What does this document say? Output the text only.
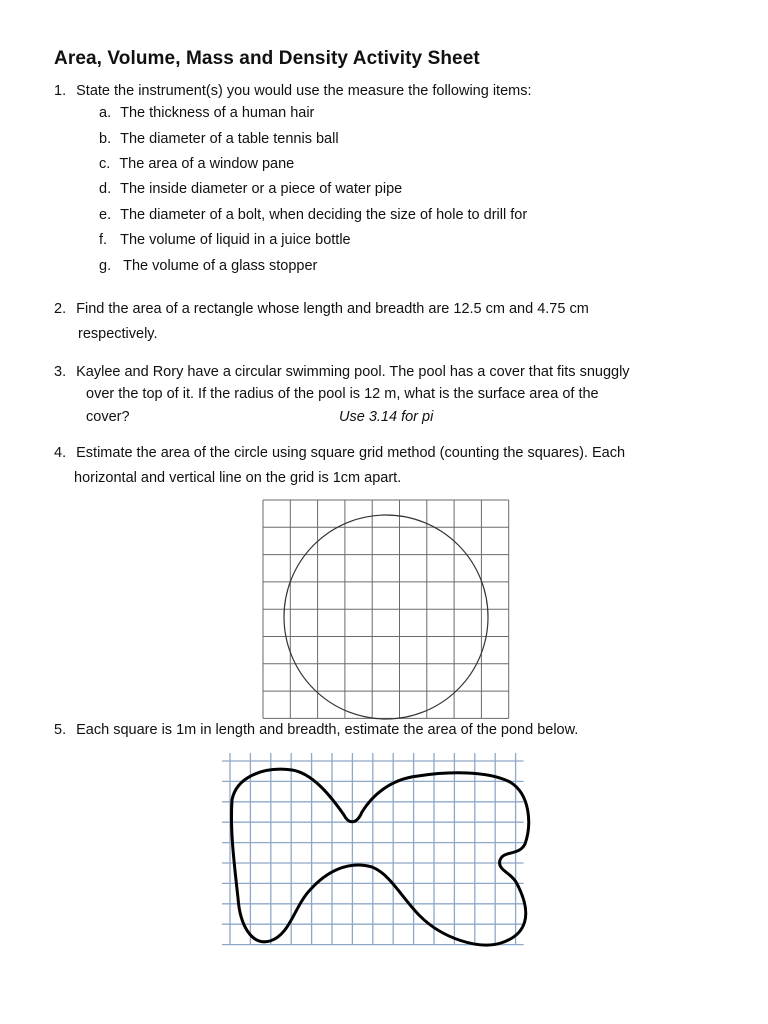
Area, Volume, Mass and Density Activity Sheet
1. State the instrument(s) you would use the measure the following items:
a. The thickness of a human hair
b. The diameter of a table tennis ball
c. The area of a window pane
d. The inside diameter or a piece of water pipe
e. The diameter of a bolt, when deciding the size of hole to drill for
f. The volume of liquid in a juice bottle
g. The volume of a glass stopper
2. Find the area of a rectangle whose length and breadth are 12.5 cm and 4.75 cm
respectively.
3. Kaylee and Rory have a circular swimming pool. The pool has a cover that fits snuggly
over the top of it. If the radius of the pool is 12 m, what is the surface area of the
cover?	Use 3.14 for pi
4. Estimate the area of the circle using square grid method (counting the squares). Each
horizontal and vertical line on the grid is 1cm apart.
5. Each square is 1m in length and breadth, estimate the area of the pond below.
